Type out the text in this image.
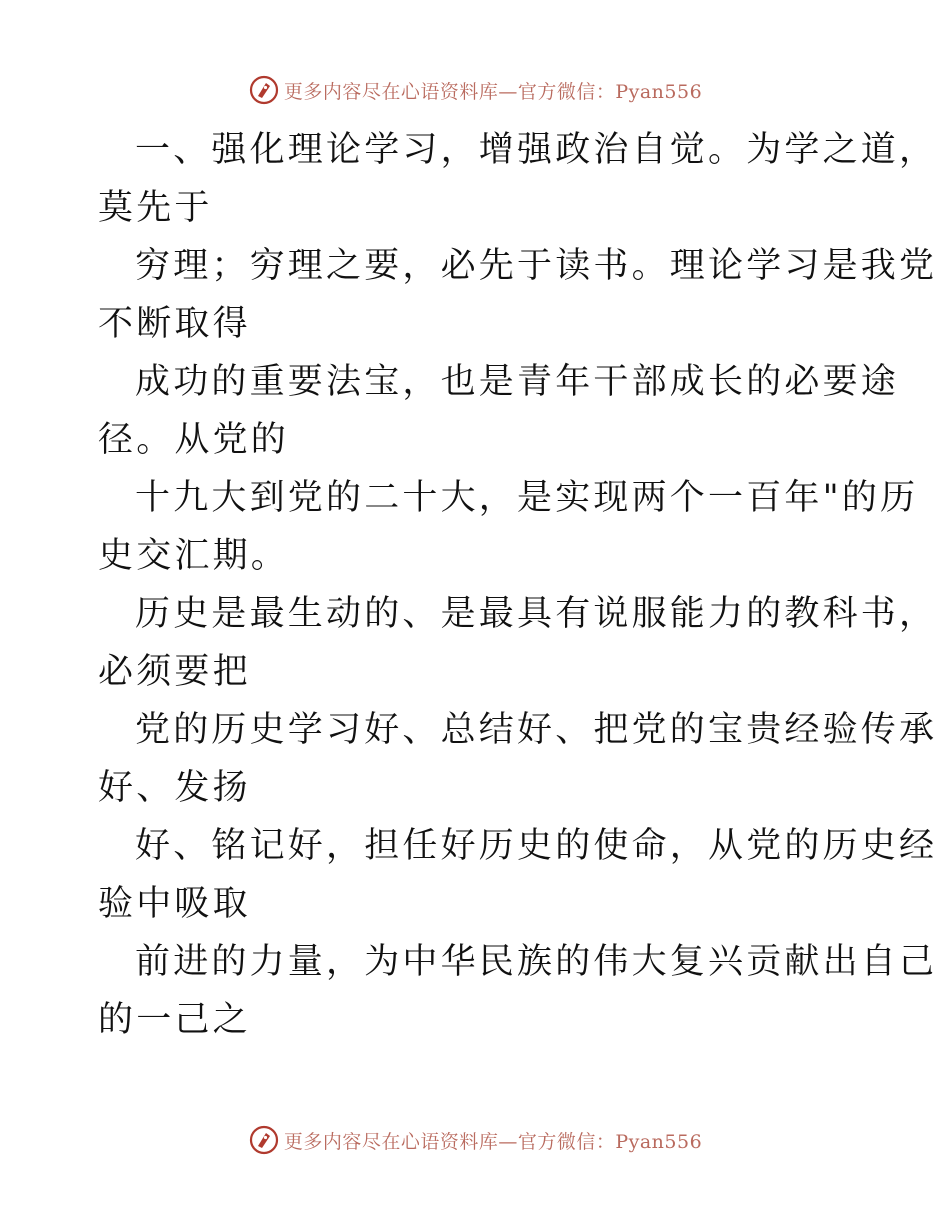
更多内容尽在心语资料库—官方微信：Pyan556
一、强化理论学习，增强政治自觉。为学之道，
莫先于
穷理；穷理之要，必先于读书。理论学习是我党
不断取得
成功的重要法宝，也是青年干部成长的必要途
径。从党的
十九大到党的二十大，是实现两个一百年"的历
史交汇期。
历史是最生动的、是最具有说服能力的教科书，
必须要把
党的历史学习好、总结好、把党的宝贵经验传承
好、发扬
好、铭记好，担任好历史的使命，从党的历史经
验中吸取
前进的力量，为中华民族的伟大复兴贡献出自己
的一己之
更多内容尽在心语资料库—官方微信：Pyan556
